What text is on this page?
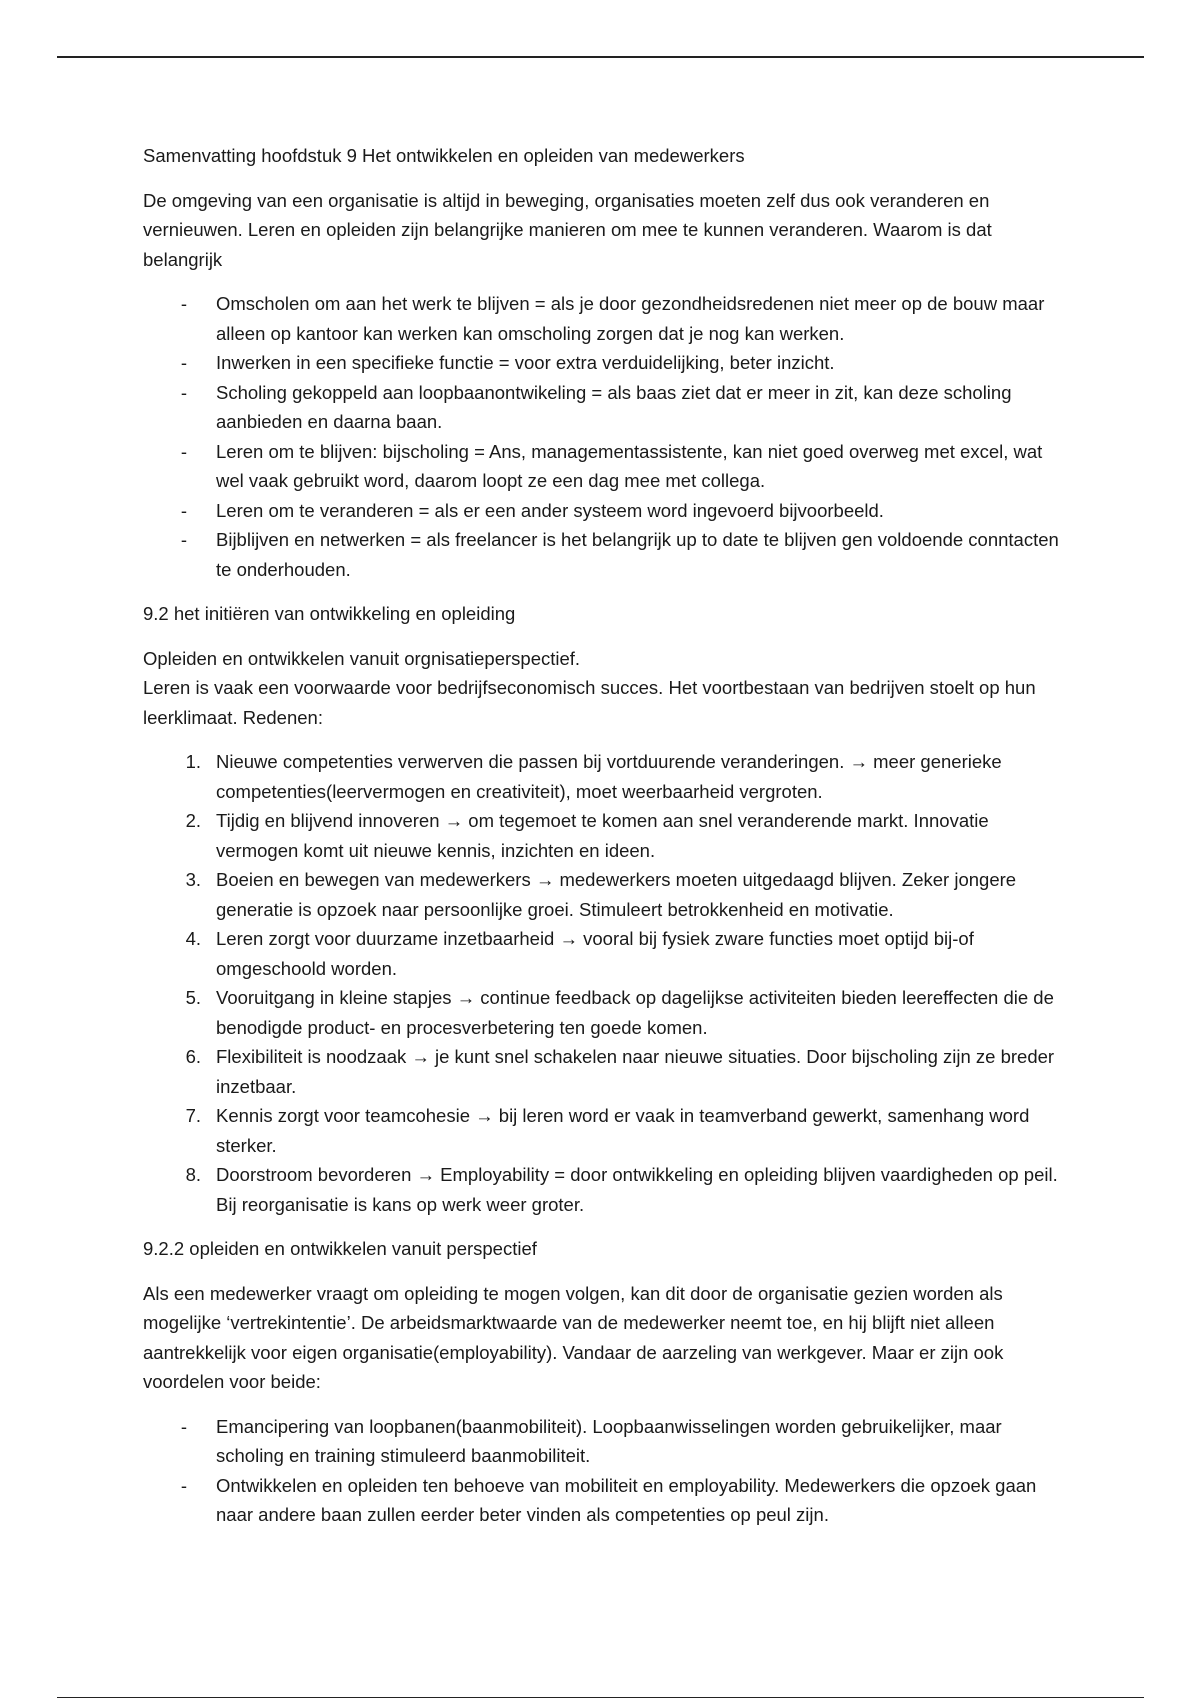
Samenvatting hoofdstuk 9 Het ontwikkelen en opleiden van medewerkers

De omgeving van een organisatie is altijd in beweging, organisaties moeten zelf dus ook veranderen en vernieuwen. Leren en opleiden zijn belangrijke manieren om mee te kunnen veranderen. Waarom is dat belangrijk

- Omscholen om aan het werk te blijven = als je door gezondheidsredenen niet meer op de bouw maar alleen op kantoor kan werken kan omscholing zorgen dat je nog kan werken.
- Inwerken in een specifieke functie = voor extra verduidelijking, beter inzicht.
- Scholing gekoppeld aan loopbaanontwikeling = als baas ziet dat er meer in zit, kan deze scholing aanbieden en daarna baan.
- Leren om te blijven: bijscholing = Ans, managementassistente, kan niet goed overweg met excel, wat wel vaak gebruikt word, daarom loopt ze een dag mee met collega.
- Leren om te veranderen = als er een ander systeem word ingevoerd bijvoorbeeld.
- Bijblijven en netwerken = als freelancer is het belangrijk up to date te blijven gen voldoende conntacten te onderhouden.

9.2 het initiëren van ontwikkeling en opleiding

Opleiden en ontwikkelen vanuit orgnisatieperspectief.

Leren is vaak een voorwaarde voor bedrijfseconomisch succes. Het voortbestaan van bedrijven stoelt op hun leerklimaat. Redenen:

1. Nieuwe competenties verwerven die passen bij vortduurende veranderingen. → meer generieke competenties(leervermogen en creativiteit), moet weerbaarheid vergroten.
2. Tijdig en blijvend innoveren → om tegemoet te komen aan snel veranderende markt. Innovatie vermogen komt uit nieuwe kennis, inzichten en ideen.
3. Boeien en bewegen van medewerkers → medewerkers moeten uitgedaagd blijven. Zeker jongere generatie is opzoek naar persoonlijke groei. Stimuleert betrokkenheid en motivatie.
4. Leren zorgt voor duurzame inzetbaarheid → vooral bij fysiek zware functies moet optijd bij-of omgeschoold worden.
5. Vooruitgang in kleine stapjes → continue feedback op dagelijkse activiteiten bieden leereffecten die de benodigde product- en procesverbetering ten goede komen.
6. Flexibiliteit is noodzaak → je kunt snel schakelen naar nieuwe situaties. Door bijscholing zijn ze breder inzetbaar.
7. Kennis zorgt voor teamcohesie → bij leren word er vaak in teamverband gewerkt, samenhang word sterker.
8. Doorstroom bevorderen → Employability = door ontwikkeling en opleiding blijven vaardigheden op peil. Bij reorganisatie is kans op werk weer groter.

9.2.2 opleiden en ontwikkelen vanuit perspectief

Als een medewerker vraagt om opleiding te mogen volgen, kan dit door de organisatie gezien worden als mogelijke ‘vertrekintentie’. De arbeidsmarktwaarde van de medewerker neemt toe, en hij blijft niet alleen aantrekkelijk voor eigen organisatie(employability). Vandaar de aarzeling van werkgever. Maar er zijn ook voordelen voor beide:

- Emancipering van loopbanen(baanmobiliteit). Loopbaanwisselingen worden gebruikelijker, maar scholing en training stimuleerd baanmobiliteit.
- Ontwikkelen en opleiden ten behoeve van mobiliteit en employability. Medewerkers die opzoek gaan naar andere baan zullen eerder beter vinden als competenties op peul zijn.
